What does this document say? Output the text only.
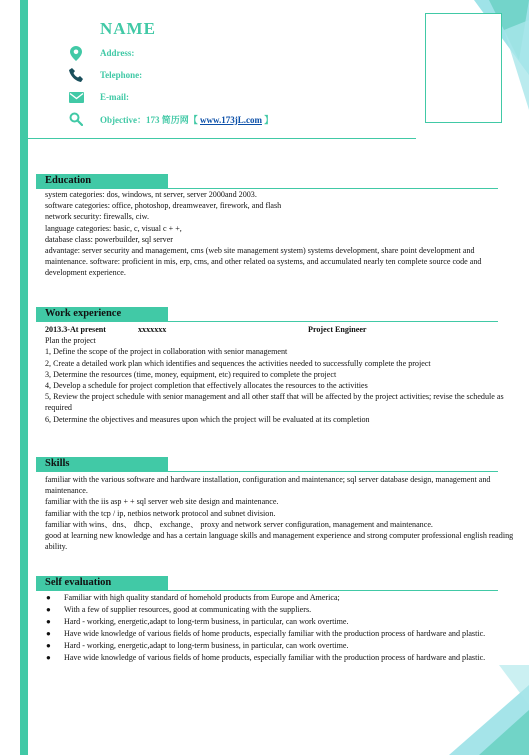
NAME
Address:
Telephone:
E-mail:
Objective：173 简历网【 www.173jL.com 】
Education

system categories: dos, windows, nt server, server 2000and 2003.

software categories: office, photoshop, dreamweaver, firework, and flash

network security: firewalls, ciw.

language categories: basic, c, visual c + +,

database class: powerbuilder, sql server

advantage: server security and management, cms (web site management system) systems development, share point development and maintenance. software: proficient in mis, erp, cms, and other related oa systems, and accumulated nearly ten complete source code and development experience.

Work experience
2013.3-At present	xxxxxxx	Project Engineer

Plan the project

1, Define the scope of the project in collaboration with senior management

2, Create a detailed work plan which identifies and sequences the activities needed to successfully complete the project

3, Determine the resources (time, money, equipment, etc) required to complete the project

4, Develop a schedule for project completion that effectively allocates the resources to the activities

5, Review the project schedule with senior management and all other staff that will be affected by the project activities; revise the schedule as required

6, Determine the objectives and measures upon which the project will be evaluated at its completion

Skills

familiar with the various software and hardware installation, configuration and maintenance; sql server database design, management and maintenance.

familiar with the iis asp + + sql server web site design and maintenance.

familiar with the tcp / ip, netbios network protocol and subnet division.

familiar with wins、dns、 dhcp、 exchange、 proxy and network server configuration, management and maintenance.

good at learning new knowledge and has a certain language skills and management experience and strong computer professional english reading ability.

Self evaluation
● Familiar with high quality standard of homehold products from Europe and America;
● With a few of supplier resources, good at communicating with the suppliers.
● Hard - working, energetic,adapt to long-term business, in particular, can work overtime.
● Have wide knowledge of various fields of home products, especially familiar with the production process of hardware and plastic.
● Hard - working, energetic,adapt to long-term business, in particular, can work overtime.
● Have wide knowledge of various fields of home products, especially familiar with the production process of hardware and plastic.
